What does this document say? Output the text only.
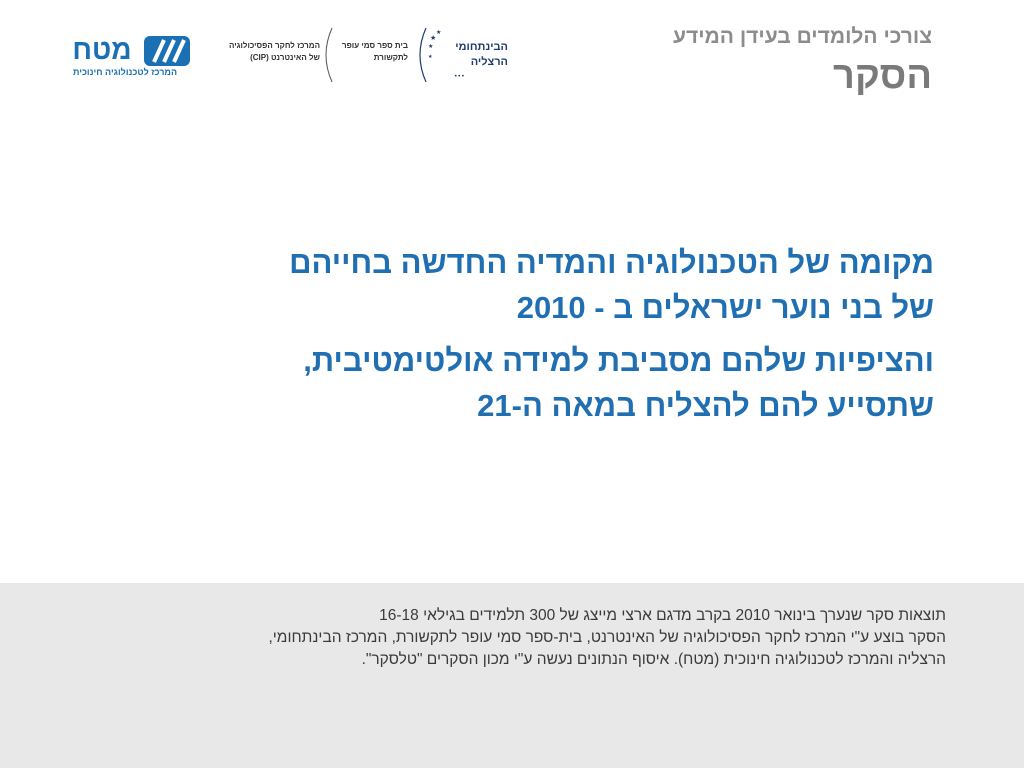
צורכי הלומדים בעידן המידע
הסקר
★
★
★
★
•••
הבינתחומי
הרצליה
בית ספר סמי עופר
לתקשורת
המרכז לחקר הפסיכולוגיה
של האינטרנט (CIP)
מטח
המרכז לטכנולוגיה חינוכית

מקומה של הטכנולוגיה והמדיה החדשה בחייהם
של בני נוער ישראלים ב - 2010

והציפיות שלהם מסביבת למידה אולטימטיבית,
שתסייע להם להצליח במאה ה-21

תוצאות סקר שנערך בינואר 2010 בקרב מדגם ארצי מייצג של 300 תלמידים בגילאי 16-18
הסקר בוצע ע"י המרכז לחקר הפסיכולוגיה של האינטרנט, בית-ספר סמי עופר לתקשורת, המרכז הבינתחומי,
הרצליה והמרכז לטכנולוגיה חינוכית (מטח). איסוף הנתונים נעשה ע"י מכון הסקרים "טלסקר".
